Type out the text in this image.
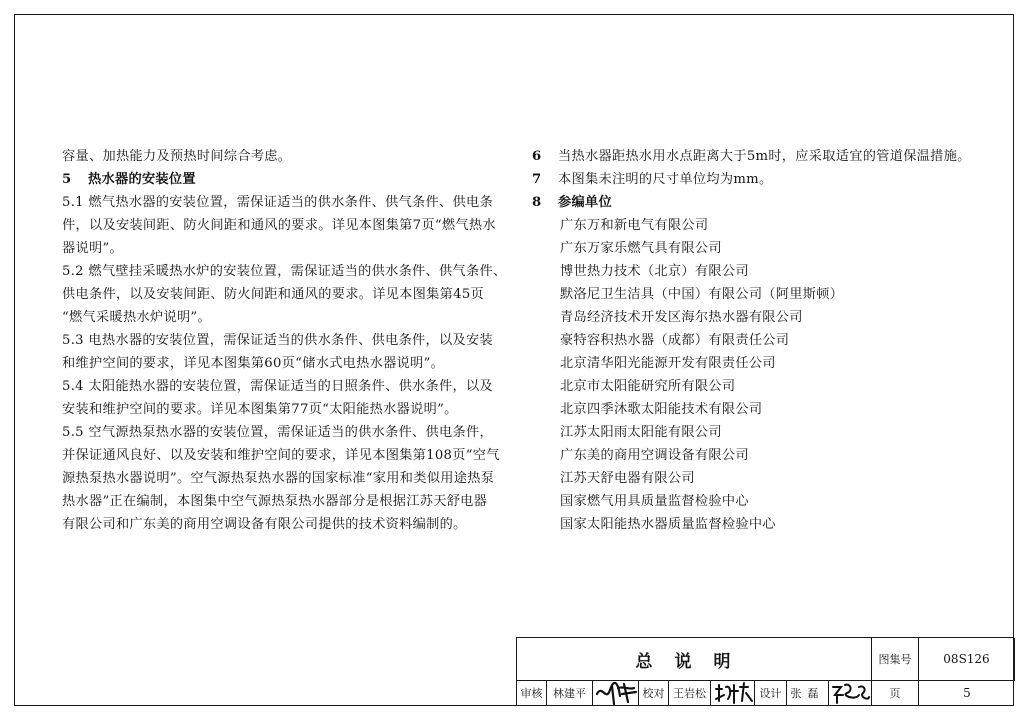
容量、加热能力及预热时间综合考虑。
5 热水器的安装位置
5.1 燃气热水器的安装位置，需保证适当的供水条件、供气条件、供电条
件，以及安装间距、防火间距和通风的要求。详见本图集第7页“燃气热水
器说明”。
5.2 燃气壁挂采暖热水炉的安装位置，需保证适当的供水条件、供气条件、
供电条件，以及安装间距、防火间距和通风的要求。详见本图集第45页
“燃气采暖热水炉说明”。
5.3 电热水器的安装位置，需保证适当的供水条件、供电条件，以及安装
和维护空间的要求，详见本图集第60页“储水式电热水器说明”。
5.4 太阳能热水器的安装位置，需保证适当的日照条件、供水条件，以及
安装和维护空间的要求。详见本图集第77页“太阳能热水器说明”。
5.5 空气源热泵热水器的安装位置，需保证适当的供水条件、供电条件，
并保证通风良好、以及安装和维护空间的要求，详见本图集第108页“空气
源热泵热水器说明”。空气源热泵热水器的国家标准“家用和类似用途热泵
热水器”正在编制，本图集中空气源热泵热水器部分是根据江苏天舒电器
有限公司和广东美的商用空调设备有限公司提供的技术资料编制的。
6 当热水器距热水用水点距离大于5m时，应采取适宜的管道保温措施。
7 本图集未注明的尺寸单位均为mm。
8 参编单位
广东万和新电气有限公司
广东万家乐燃气具有限公司
博世热力技术（北京）有限公司
默洛尼卫生洁具（中国）有限公司（阿里斯顿）
青岛经济技术开发区海尔热水器有限公司
豪特容积热水器（成都）有限责任公司
北京清华阳光能源开发有限责任公司
北京市太阳能研究所有限公司
北京四季沐歌太阳能技术有限公司
江苏太阳雨太阳能有限公司
广东美的商用空调设备有限公司
江苏天舒电器有限公司
国家燃气用具质量监督检验中心
国家太阳能热水器质量监督检验中心
总说明	图集号	08S126
审核 林建平	校对 王岩松	设计 张磊	页	5
